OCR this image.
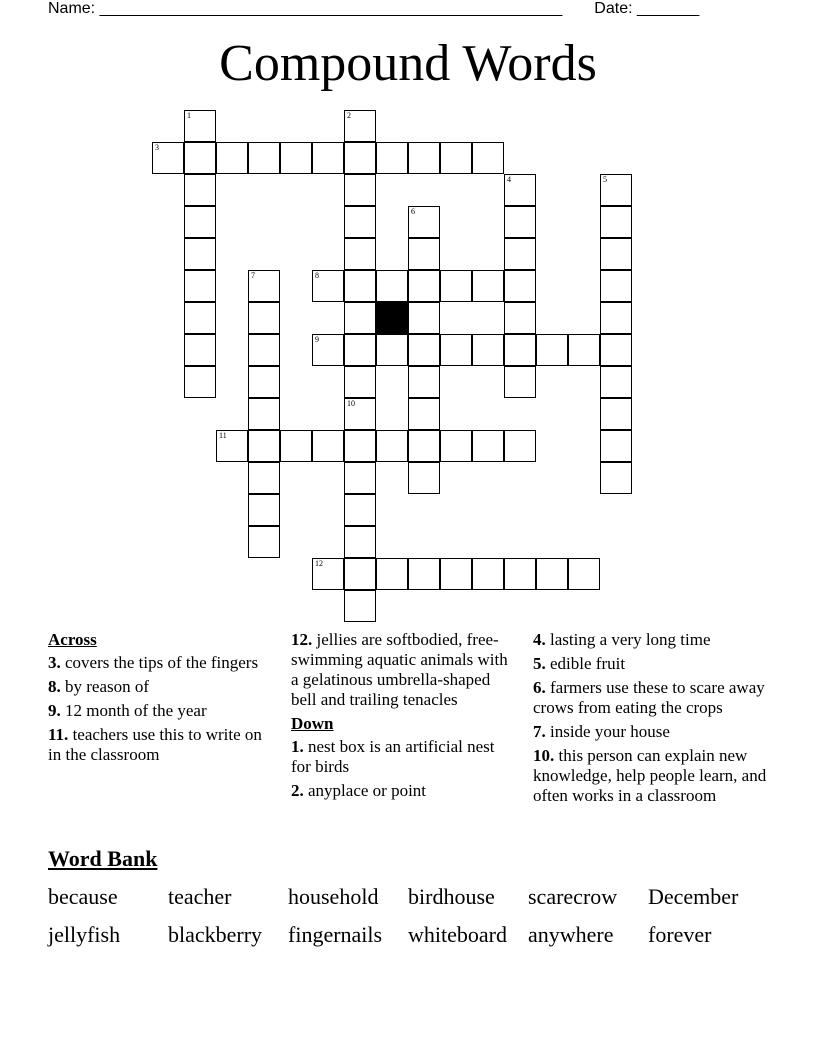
Name: ____________________________________________________ Date: _______
Compound Words
3
8
9
11
12
1	2
10
4	5
6
7
Across
3. covers the tips of the fingers
8. by reason of
9. 12 month of the year
11. teachers use this to write on in the classroom
12. jellies are softbodied, free-swimming aquatic animals with a gelatinous umbrella-shaped bell and trailing tenacles
Down
1. nest box is an artificial nest for birds
2. anyplace or point
4. lasting a very long time
5. edible fruit
6. farmers use these to scare away crows from eating the crops
7. inside your house
10. this person can explain new knowledge, help people learn, and often works in a classroom
Word Bank
because teacher	household birdhouse scarecrow December
jellyfish blackberry fingernails whiteboard anywhere forever
